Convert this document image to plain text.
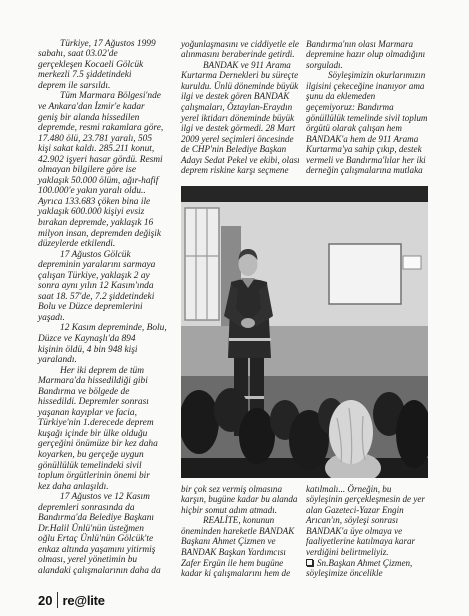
Türkiye, 17 Ağustos 1999
sabahı, saat 03.02'de
gerçekleşen Kocaeli Gölcük
merkezli 7.5 şiddetindeki
deprem ile sarsıldı.
Tüm Marmara Bölgesi'nde
ve Ankara'dan İzmir'e kadar
geniş bir alanda hissedilen
depremde, resmi rakamlara göre,
17.480 ölü, 23.781 yaralı, 505
kişi sakat kaldı. 285.211 konut,
42.902 işyeri hasar gördü. Resmi
olmayan bilgilere göre ise
yaklaşık 50.000 ölüm, ağır-hafif
100.000'e yakın yaralı oldu..
Ayrıca 133.683 çöken bina ile
yaklaşık 600.000 kişiyi evsiz
bırakan depremde, yaklaşık 16
milyon insan, depremden değişik
düzeylerde etkilendi.
17 Ağustos Gölcük
depreminin yaralarını sarmaya
çalışan Türkiye, yaklaşık 2 ay
sonra aynı yılın 12 Kasım'ında
saat 18. 57'de, 7.2 şiddetindeki
Bolu ve Düzce depremlerini
yaşadı.
12 Kasım depreminde, Bolu,
Düzce ve Kaynaşlı'da 894
kişinin öldü, 4 bin 948 kişi
yaralandı.
Her iki deprem de tüm
Marmara'da hissedildiği gibi
Bandırma ve bölgede de
hissedildi. Depremler sonrası
yaşanan kayıplar ve facia,
Türkiye'nin 1.derecede deprem
kuşağı içinde bir ülke olduğu
gerçeğini önümüze bir kez daha
koyarken, bu gerçeğe uygun
gönüllülük temelindeki sivil
toplum örgütlerinin önemi bir
kez daha anlaşıldı.
17 Ağustos ve 12 Kasım
depremleri sonrasında da
Bandırma'da Belediye Başkanı
Dr.Halil Ünlü'nün üsteğmen
oğlu Ertaç Ünlü'nün Gölcük'te
enkaz altında yaşamını yitirmiş
olması, yerel yönetimin bu
alandaki çalışmalarının daha da
yoğunlaşmasını ve ciddiyetle ele
alınmasını beraberinde getirdi.
BANDAK ve 911 Arama
Kurtarma Dernekleri bu süreçte
kuruldu. Ünlü döneminde büyük
ilgi ve destek gören BANDAK
çalışmaları, Öztaylan-Eraydın
yerel iktidarı döneminde büyük
ilgi ve destek görmedi. 28 Mart
2009 yerel seçimleri öncesinde
de CHP'nin Belediye Başkan
Adayı Sedat Pekel ve ekibi, olası
deprem riskine karşı seçmene
Bandırma'nın olası Marmara
depremine hazır olup olmadığını
sorguladı.
Söyleşimizin okurlarımızın
ilgisini çekeceğine inanıyor ama
şunu da eklemeden
geçemiyoruz: Bandırma
gönüllülük temelinde sivil toplum
örgütü olarak çalışan hem
BANDAK'a hem de 911 Arama
Kurtarma'ya sahip çıkıp, destek
vermeli ve Bandırma'lılar her iki
derneğin çalışmalarına mutlaka
bir çok sez vermiş olmasına
karşın, bugüne kadar bu alanda
hiçbir somut adım atmadı.
REALİTE, konunun
öneminden hareketle BANDAK
Başkanı Ahmet Çizmen ve
BANDAK Başkan Yardımcısı
Zafer Ergün ile hem bugüne
kadar ki çalışmalarını hem de
katılmalı... Örneğin, bu
söyleşinin gerçekleşmesin de yer
alan Gazeteci-Yazar Engin
Arıcan'ın, söyleşi sonrası
BANDAK'a üye olmaya ve
faaliyetlerine katılmaya karar
verdiğini belirtmeliyiz.
Sn.Başkan Ahmet Çizmen,
söyleşimize öncelikle
20 re@lite
